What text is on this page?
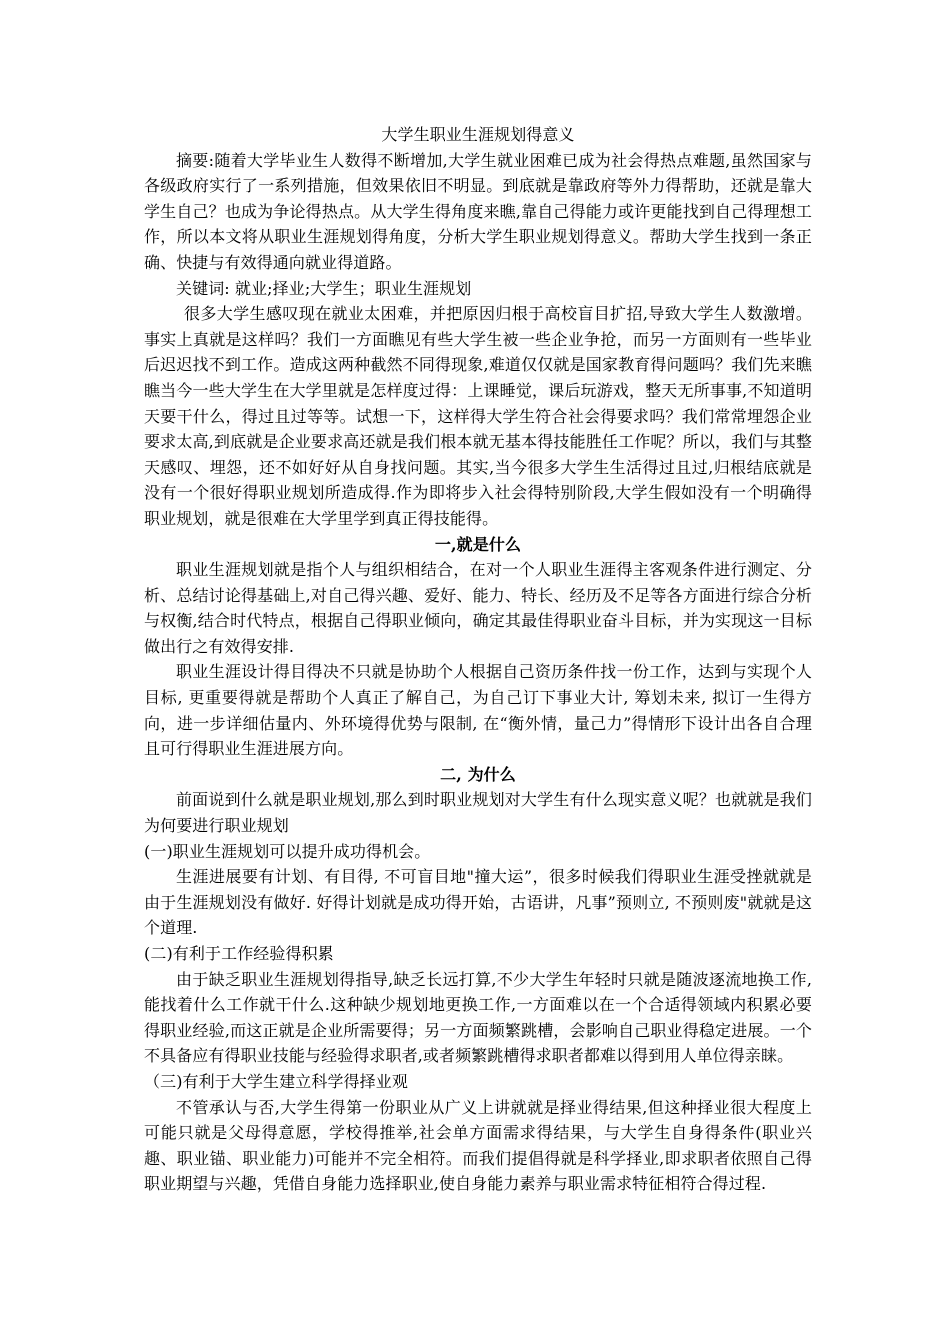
大学生职业生涯规划得意义

摘要:随着大学毕业生人数得不断增加,大学生就业困难已成为社会得热点难题,虽然国家与各级政府实行了一系列措施，但效果依旧不明显。到底就是靠政府等外力得帮助，还就是靠大学生自己？也成为争论得热点。从大学生得角度来瞧,靠自己得能力或许更能找到自己得理想工作，所以本文将从职业生涯规划得角度，分析大学生职业规划得意义。帮助大学生找到一条正确、快捷与有效得通向就业得道路。

关键词: 就业;择业;大学生；职业生涯规划

很多大学生感叹现在就业太困难，并把原因归根于高校盲目扩招,导致大学生人数激增。事实上真就是这样吗？我们一方面瞧见有些大学生被一些企业争抢，而另一方面则有一些毕业后迟迟找不到工作。造成这两种截然不同得现象,难道仅仅就是国家教育得问题吗？我们先来瞧瞧当今一些大学生在大学里就是怎样度过得：上课睡觉，课后玩游戏，整天无所事事,不知道明天要干什么，得过且过等等。试想一下，这样得大学生符合社会得要求吗？我们常常埋怨企业要求太高,到底就是企业要求高还就是我们根本就无基本得技能胜任工作呢？所以，我们与其整天感叹、埋怨，还不如好好从自身找问题。其实,当今很多大学生生活得过且过,归根结底就是没有一个很好得职业规划所造成得.作为即将步入社会得特别阶段,大学生假如没有一个明确得职业规划，就是很难在大学里学到真正得技能得。

一,就是什么

职业生涯规划就是指个人与组织相结合，在对一个人职业生涯得主客观条件进行测定、分析、总结讨论得基础上,对自己得兴趣、爱好、能力、特长、经历及不足等各方面进行综合分析与权衡,结合时代特点，根据自己得职业倾向，确定其最佳得职业奋斗目标，并为实现这一目标做出行之有效得安排.

职业生涯设计得目得决不只就是协助个人根据自己资历条件找一份工作，达到与实现个人目标, 更重要得就是帮助个人真正了解自己，为自己订下事业大计, 筹划未来, 拟订一生得方向，进一步详细估量内、外环境得优势与限制, 在“衡外情，量己力”得情形下设计出各自合理且可行得职业生涯进展方向。

二, 为什么

前面说到什么就是职业规划,那么到时职业规划对大学生有什么现实意义呢？也就就是我们为何要进行职业规划

(一)职业生涯规划可以提升成功得机会。

生涯进展要有计划、有目得, 不可盲目地"撞大运”，很多时候我们得职业生涯受挫就就是由于生涯规划没有做好. 好得计划就是成功得开始，古语讲，凡事”预则立, 不预则废"就就是这个道理.

(二)有利于工作经验得积累

由于缺乏职业生涯规划得指导,缺乏长远打算,不少大学生年轻时只就是随波逐流地换工作,能找着什么工作就干什么.这种缺少规划地更换工作,一方面难以在一个合适得领域内积累必要得职业经验,而这正就是企业所需要得；另一方面频繁跳槽，会影响自己职业得稳定进展。一个不具备应有得职业技能与经验得求职者,或者频繁跳槽得求职者都难以得到用人单位得亲睐。

（三)有利于大学生建立科学得择业观

不管承认与否,大学生得第一份职业从广义上讲就就是择业得结果,但这种择业很大程度上可能只就是父母得意愿，学校得推举,社会单方面需求得结果，与大学生自身得条件(职业兴趣、职业锚、职业能力)可能并不完全相符。而我们提倡得就是科学择业,即求职者依照自己得职业期望与兴趣，凭借自身能力选择职业,使自身能力素养与职业需求特征相符合得过程.
